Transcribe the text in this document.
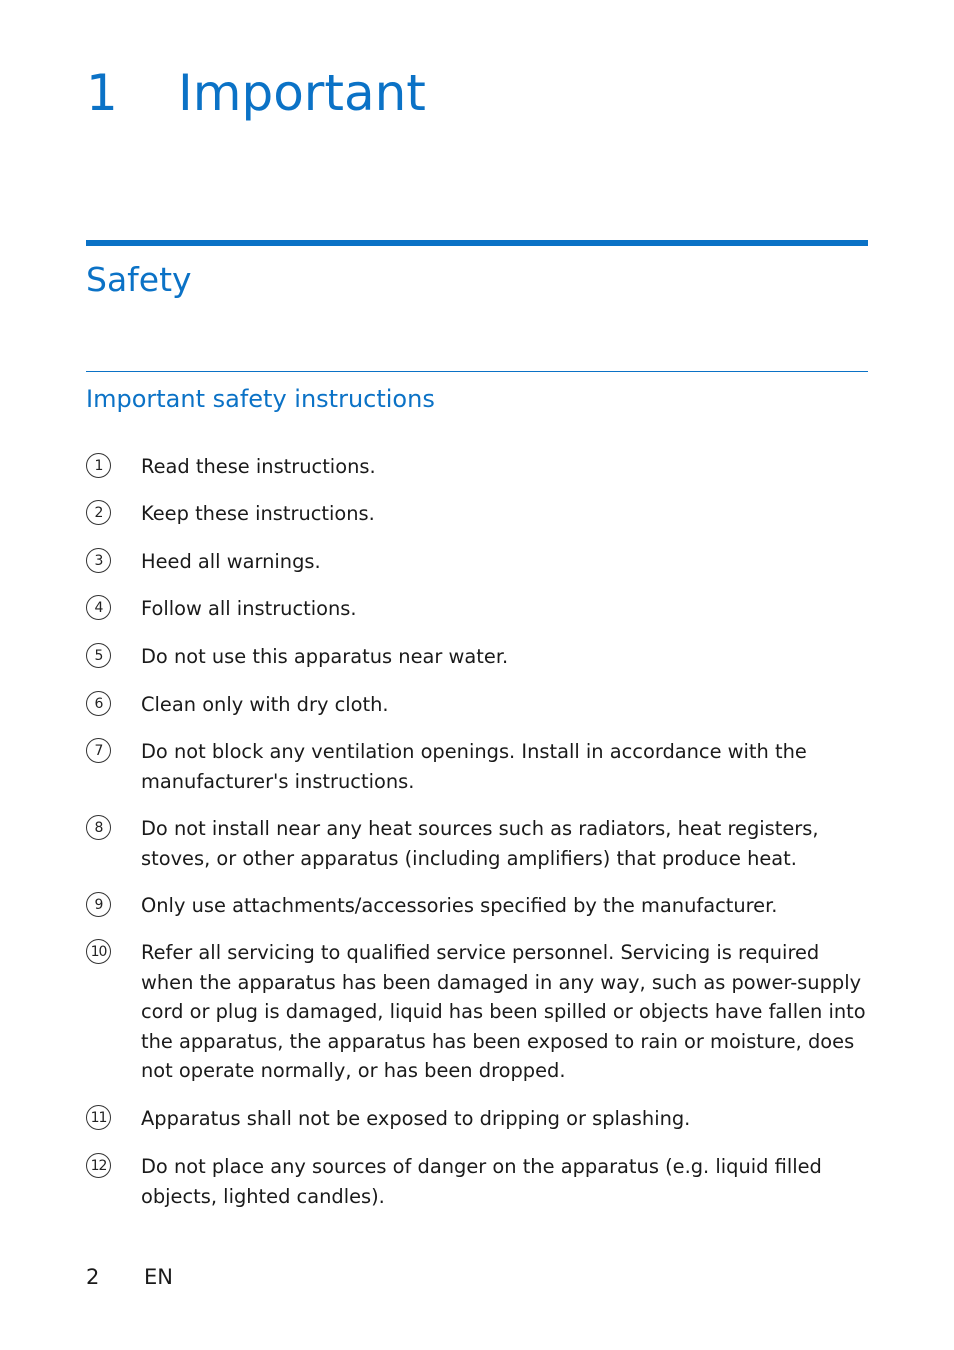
1 Important
Safety
Important safety instructions
1	Read these instructions.
2	Keep these instructions.
3	Heed all warnings.
4	Follow all instructions.
5	Do not use this apparatus near water.
6	Clean only with dry cloth.
7	Do not block any ventilation openings. Install in accordance with the manufacturer's instructions.
8	Do not install near any heat sources such as radiators, heat registers, stoves, or other apparatus (including amplifiers) that produce heat.
9	Only use attachments/accessories specified by the manufacturer.
10 Refer all servicing to qualified service personnel. Servicing is required when the apparatus has been damaged in any way, such as power-supply cord or plug is damaged, liquid has been spilled or objects have fallen into the apparatus, the apparatus has been exposed to rain or moisture, does not operate normally, or has been dropped.
11 Apparatus shall not be exposed to dripping or splashing.
12 Do not place any sources of danger on the apparatus (e.g. liquid filled objects, lighted candles).
2 EN
